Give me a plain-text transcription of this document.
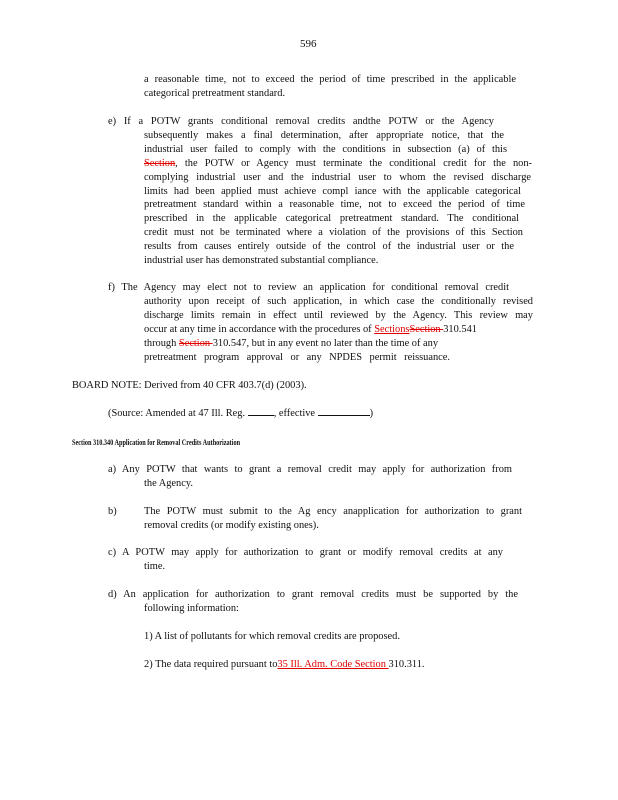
596
a reasonable time, not to exceed the period of time prescribed in the applicable
categorical pretreatment standard.
e) If a POTW grants conditional removal credits andthe POTW or the Agency
subsequently makes a final determination, after appropriate notice, that the
industrial user failed to comply with the conditions in subsection (a) of this
Section , the POTW or Agency must terminate the conditional credit for the non-
complying industrial user and the industrial user to whom the revised discharge
limits had been applied must achieve compl iance with the applicable categorical
pretreatment standard within a reasonable time, not to exceed the period of time
prescribed in the applicable categorical pretreatment standard. The conditional
credit must not be terminated where a violation of the provisions of this Section
results from causes entirely outside of the control of the industrial user or the
industrial user has demonstrated substantial compliance.
f) The Agency may elect not to review an application for conditional removal credit
authority upon receipt of such application, in which case the conditionally revised
discharge limits remain in effect until reviewed by the Agency. This review may
occur at any time in accordance with the procedures of SectionsSection 310.541
through Section 310.547, but in any event no later than the time of any
pretreatment program approval or any NPDES permit reissuance.
BOARD NOTE: Derived from 40 CFR 403.7(d) (2003).
(Source: Amended at 47 Ill. Reg.	, effective	)
Section 310.340 Application for Removal Credits Authorization
a) Any POTW that wants to grant a removal credit may apply for authorization from
the Agency.
b)	The POTW must submit to the Ag ency anapplication for authorization to grant
removal credits (or modify existing ones).
c) A POTW may apply for authorization to grant or modify removal credits at any
time.
d) An application for authorization to grant removal credits must be supported by the
following information:
1) A list of pollutants for which removal credits are proposed.
2) The data required pursuant to35 Ill. Adm. Code Section 310.311.
